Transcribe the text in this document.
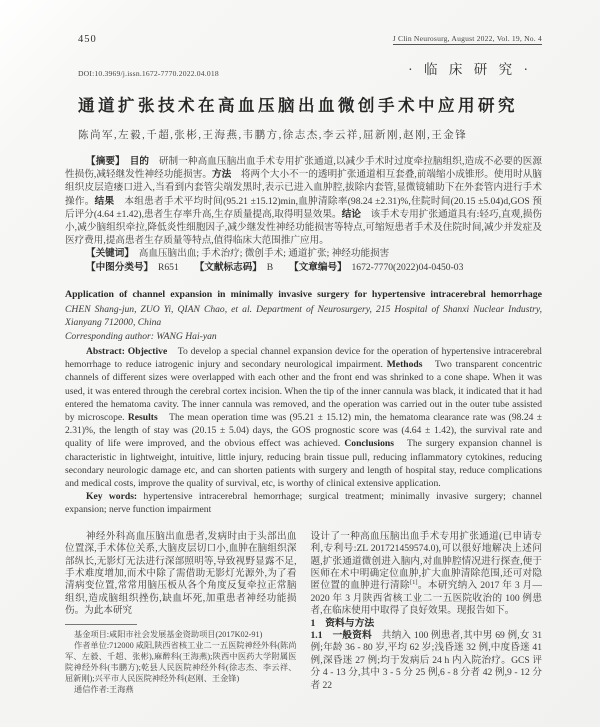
450	J Clin Neurosurg, August 2022, Vol. 19, No. 4
DOI:10.3969/j.issn.1672-7770.2022.04.018	· 临 床 研 究 ·
通道扩张技术在高血压脑出血微创手术中应用研究
陈尚军,左毅,千超,张彬,王海燕,韦鹏方,徐志杰,李云祥,屈新刚,赵刚,王金锋

【摘要】　 目的　 研制一种高血压脑出血手术专用扩张通道,以减少手术时过度牵拉脑组织,造成不必要的医源性损伤,减轻继发性神经功能损害。方法　 将两个大小不一的透明扩张通道相互套叠,前端缩小成锥形。使用时从脑组织皮层造瘘口进入,当看到内套管尖端发黑时,表示已进入血肿腔,拔除内套管,显微镜辅助下在外套管内进行手术操作。结果　 本组患者手术平均时间(95.21 ±15.12)min,血肿清除率(98.24 ±2.31)%,住院时间(20.15 ±5.04)d,GOS 预后评分(4.64 ±1.42),患者生存率升高,生存质量提高,取得明显效果。结论　 该手术专用扩张通道具有:轻巧,直观,损伤小,减少脑组织牵拉,降低炎性细胞因子,减少继发性神经功能损害等特点,可缩短患者手术及住院时间,减少并发症及医疗费用,提高患者生存质量等特点,值得临床大范围推广应用。

【关键词】　 高血压脑出血; 手术治疗; 微创手术; 通道扩张; 神经功能损害

【中图分类号】　 R651 【文献标志码】　 B 【文章编号】　 1672-7770(2022)04-0450-03

Application of channel expansion in minimally invasive surgery for hypertensive intracerebral hemorrhage
CHEN Shang-jun, ZUO Yi, QIAN Chao, et al. Department of Neurosurgery, 215 Hospital of Shanxi Nuclear Industry, Xianyang 712000, China
Corresponding author: WANG Hai-yan

Abstract: Objective　 To develop a special channel expansion device for the operation of hypertensive intracerebral hemorrhage to reduce iatrogenic injury and secondary neurological impairment. Methods　 Two transparent concentric channels of different sizes were overlapped with each other and the front end was shrinked to a cone shape. When it was used, it was entered through the cerebral cortex incision. When the tip of the inner cannula was black, it indicated that it had entered the hematoma cavity. The inner cannula was removed, and the operation was carried out in the outer tube assisted by microscope. Results　 The mean operation time was (95.21 ± 15.12) min, the hematoma clearance rate was (98.24 ± 2.31)%, the length of stay was (20.15 ± 5.04) days, the GOS prognostic score was (4.64 ± 1.42), the survival rate and quality of life were improved, and the obvious effect was achieved. Conclusions　 The surgery expansion channel is characteristic in lightweight, intuitive, little injury, reducing brain tissue pull, reducing inflammatory cytokines, reducing secondary neurologic damage etc, and can shorten patients with surgery and length of hospital stay, reduce complications and medical costs, improve the quality of survival, etc, is worthy of clinical extensive application.

Key words: hypertensive intracerebral hemorrhage; surgical treatment; minimally invasive surgery; channel expansion; nerve function impairment

神经外科高血压脑出血患者,发病时由于头部出血位置深,手术体位关系,大脑皮层切口小,血肿在脑组织深部纵长,无影灯无法进行深部照明等,导致视野显露不足,手术难度增加,而术中除了需借助无影灯光源外,为了看清病变位置,常常用脑压板从各个角度反复牵拉正常脑组织,造成脑组织挫伤,缺血坏死,加重患者神经功能损伤。为此本研究

基金项目:咸阳市社会发展基金资助项目(2017K02-91)

作者单位:712000 咸阳,陕西省核工业二一五医院神经外科(陈尚军、左毅、千超、张彬),麻醉科(王海燕);陕西中医药大学附属医院神经外科(韦鹏方);乾县人民医院神经外科(徐志杰、李云祥、屈新刚);兴平市人民医院神经外科(赵刚、王金锋)

通信作者:王海燕

设计了一种高血压脑出血手术专用扩张通道(已申请专利,专利号:ZL 201721459574.0),可以很好地解决上述问题,扩张通道微创进入脑内,对血肿腔情况进行探查,便于医师在术中明确定位血肿,扩大血肿清除范围,还可对隐匿位置的血肿进行清除[1]。本研究纳入 2017 年 3 月—2020 年 3 月陕西省核工业二一五医院收治的 100 例患者,在临床使用中取得了良好效果。现报告如下。

1　资料与方法

1.1　一般资料　共纳入 100 例患者,其中男 69 例,女 31 例;年龄 36 - 80 岁,平均 62 岁;浅昏迷 32 例,中度昏迷 41 例,深昏迷 27 例;均于发病后 24 h 内入院治疗。GCS 评分 4 - 13 分,其中 3 - 5 分 25 例,6 - 8 分者 42 例,9 - 12 分者 22
